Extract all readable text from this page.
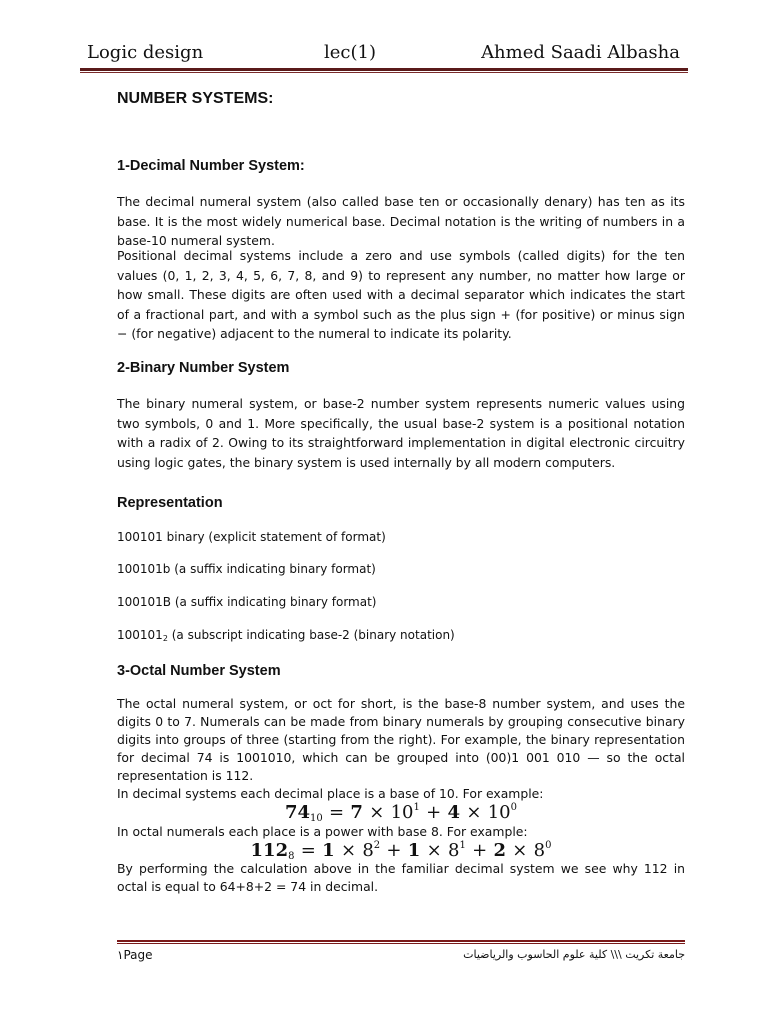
Logic design	lec(1)	Ahmed Saadi Albasha
NUMBER SYSTEMS:
1-Decimal Number System:

The decimal numeral system (also called base ten or occasionally denary) has ten as its base. It is the most widely numerical base. Decimal notation is the writing of numbers in a base-10 numeral system.

Positional decimal systems include a zero and use symbols (called digits) for the ten values (0, 1, 2, 3, 4, 5, 6, 7, 8, and 9) to represent any number, no matter how large or how small. These digits are often used with a decimal separator which indicates the start of a fractional part, and with a symbol such as the plus sign + (for positive) or minus sign − (for negative) adjacent to the numeral to indicate its polarity.

2-Binary Number System

The binary numeral system, or base-2 number system represents numeric values using two symbols, 0 and 1. More specifically, the usual base-2 system is a positional notation with a radix of 2. Owing to its straightforward implementation in digital electronic circuitry using logic gates, the binary system is used internally by all modern computers.

Representation
100101 binary (explicit statement of format)
100101b (a suffix indicating binary format)
100101B (a suffix indicating binary format)
$100101_2$ (a subscript indicating base-2 (binary notation)
3-Octal Number System

The octal numeral system, or oct for short, is the base-8 number system, and uses the digits 0 to 7. Numerals can be made from binary numerals by grouping consecutive binary digits into groups of three (starting from the right). For example, the binary representation for decimal 74 is 1001010, which can be grouped into (00)1 001 010 — so the octal representation is 112.

In decimal systems each decimal place is a base of 10. For example:

$74_{10} = 7 \times 10^1 + 4 \times 10^0$

In octal numerals each place is a power with base 8. For example:

$112_8 = 1 \times 8^2 + 1 \times 8^1 + 2 \times 8^0$

By performing the calculation above in the familiar decimal system we see why 112 in octal is equal to 64+8+2 = 74 in decimal.

١Page	جامعة تكريت \\\ كلية علوم الحاسوب والرياضيات
